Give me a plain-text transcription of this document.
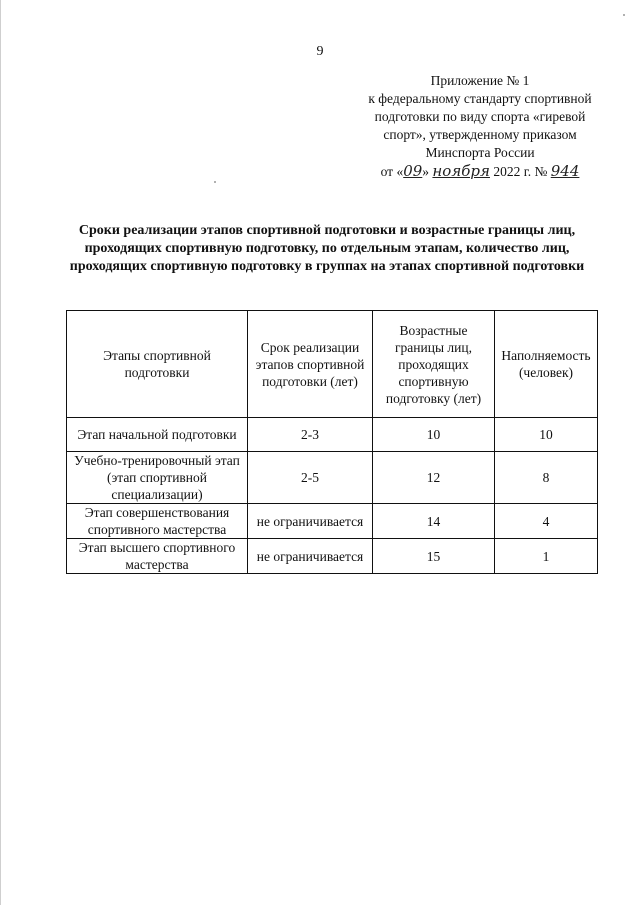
9
Приложение № 1
к федеральному стандарту спортивной
подготовки по виду спорта «гиревой
спорт», утвержденному приказом
Минспорта России
от «09» ноября 2022 г. № 944
Сроки реализации этапов спортивной подготовки и возрастные границы лиц, проходящих спортивную подготовку, по отдельным этапам, количество лиц, проходящих спортивную подготовку в группах на этапах спортивной подготовки
Этапы спортивной подготовки	Срок реализации этапов спортивной подготовки (лет)	Возрастные границы лиц, проходящих спортивную подготовку (лет)	Наполняемость (человек)
Этап начальной подготовки	2-3	10	10
Учебно-тренировочный этап (этап спортивной специализации)	2-5	12	8
Этап совершенствования спортивного мастерства	не ограничивается	14	4
Этап высшего спортивного мастерства	не ограничивается	15	1
